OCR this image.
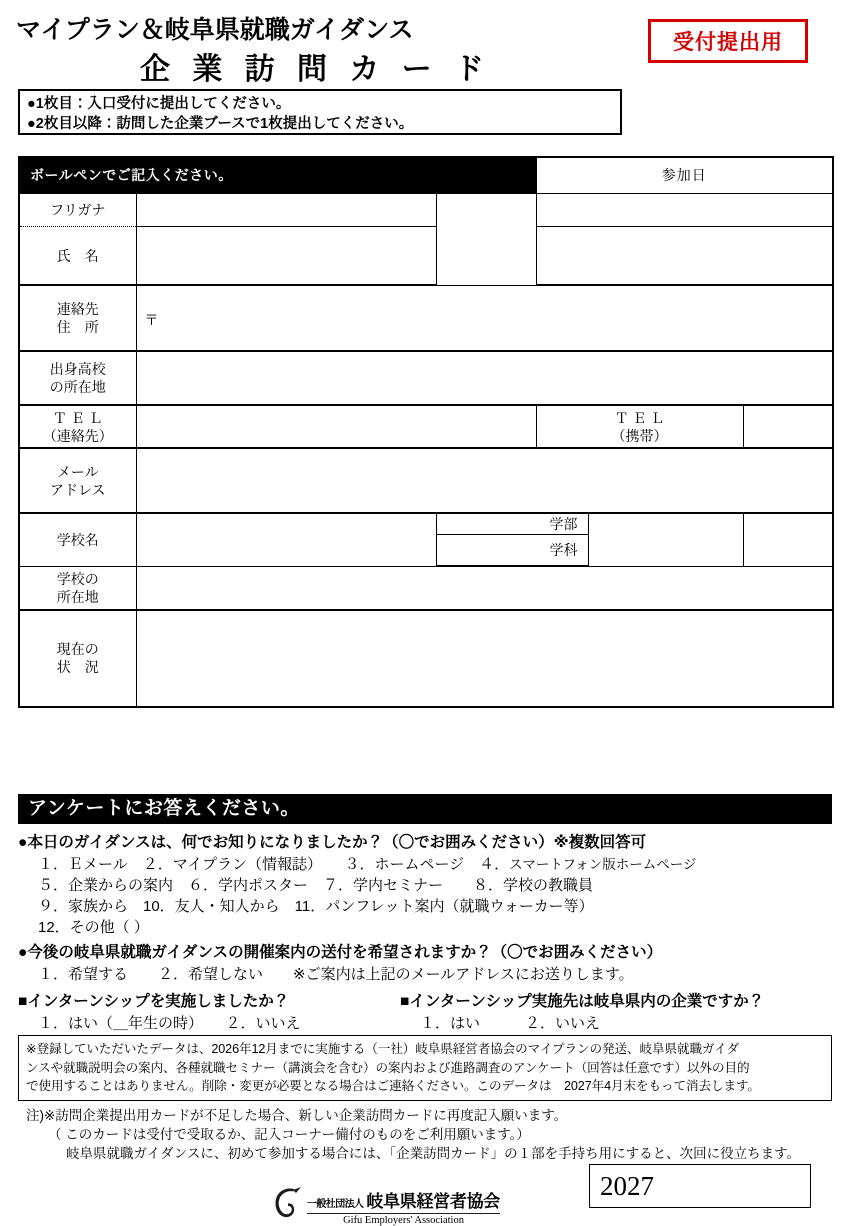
マイプラン＆岐阜県就職ガイダンス
企 業 訪 問 カ ー ド
受付提出用
●1枚目：入口受付に提出してください。
●2枚目以降：訪問した企業ブースで1枚提出してください。
ボールペンでご記入ください。			参加日		
フリガナ					
氏　名					

連絡先
住　所	〒				

出身高校
の所在地					

Ｔ Ｅ Ｌ
（連絡先）

Ｔ Ｅ Ｌ
（携帯）

メール
アドレス					

学校名		学部			
		学科			

学校の
所在地					

現在の
状　況					

アンケートにお答えください。
●本日のガイダンスは、何でお知りになりましたか？（〇でお囲みください）※複数回答可
１．Ｅメール　２．マイプラン（情報誌）　　３．ホームページ　４．スマートフォン版ホームページ
５．企業からの案内　６．学内ポスター　７．学内セミナー　　８．学校の教職員
９．家族から　10．友人・知人から　11．パンフレット案内（就職ウォーカー等）
12．その他（ ）
●今後の岐阜県就職ガイダンスの開催案内の送付を希望されますか？（〇でお囲みください）
１．希望する　　２．希望しない　　※ご案内は上記のメールアドレスにお送りします。
■インターンシップを実施しましたか？
１．はい（＿年生の時）　　２．いいえ
■インターンシップ実施先は岐阜県内の企業ですか？
１．はい　　　２．いいえ
※登録していただいたデータは、2026年12月までに実施する（一社）岐阜県経営者協会のマイプランの発送、岐阜県就職ガイダ
ンスや就職説明会の案内、各種就職セミナー（講演会を含む）の案内および進路調査のアンケート（回答は任意です）以外の目的
で使用することはありません。削除・変更が必要となる場合はご連絡ください。このデータは　2027年4月末をもって消去します。
注)※訪問企業提出用カードが不足した場合、新しい企業訪問カードに再度記入願います。
（ このカードは受付で受取るか、記入コーナー備付のものをご利用願います。）
岐阜県就職ガイダンスに、初めて参加する場合には、「企業訪問カード」の１部を手持ち用にすると、次回に役立ちます。
一般社団法人 岐阜県経営者協会
Gifu Employers' Association
2027
